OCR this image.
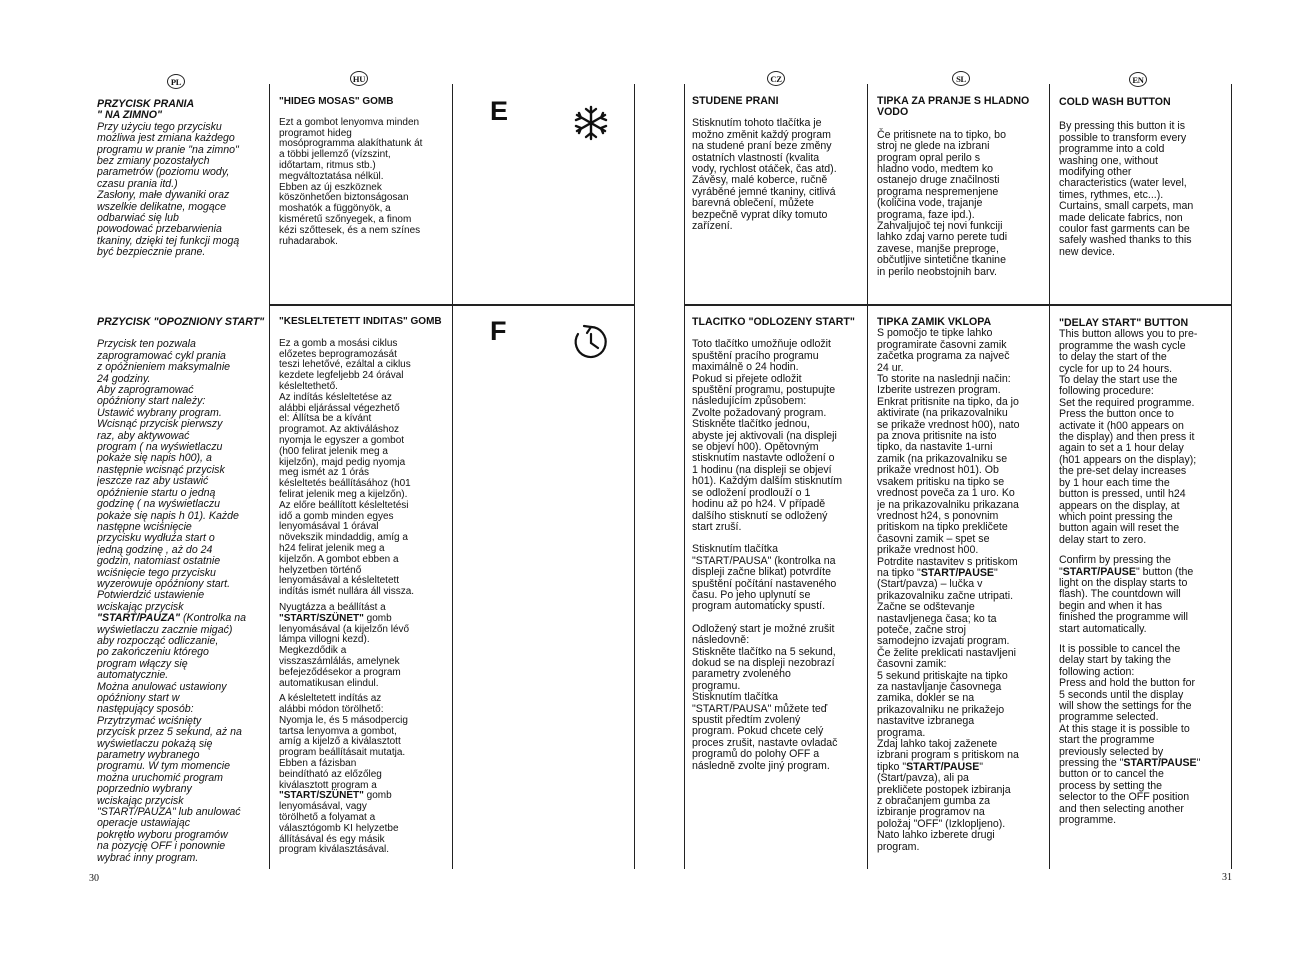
PL	HU	CZ	SL	EN
E
F

PRZYCISK PRANIA
" NA ZIMNO"

Przy użyciu tego przycisku
możliwa jest zmiana każdego
programu w pranie "na zimno"
bez zmiany pozostałych
parametrów (poziomu wody,
czasu prania itd.)
Zasłony, małe dywaniki oraz
wszelkie delikatne, mogące
odbarwiać się lub
powodować przebarwienia
tkaniny, dzięki tej funkcji mogą
być bezpiecznie prane.

"HIDEG MOSÁS" GOMB

Ezt a gombot lenyomva minden
programot hideg
mosóprogramma alakíthatunk át
a többi jellemző (vízszint,
időtartam, ritmus stb.)
megváltoztatása nélkül.
Ebben az új eszköznek
köszönhetően biztonságosan
moshatók a függönyök, a
kisméretű szőnyegek, a finom
kézi szőttesek, és a nem színes
ruhadarabok.

STUDENÉ PRANÍ

Stisknutím tohoto tlačítka je
možno změnit každý program
na studené praní beze změny
ostatních vlastností (kvalita
vody, rychlost otáček, čas atd).
Závěsy, malé koberce, ručně
vyráběné jemné tkaniny, citlivá
barevná oblečení, můžete
bezpečně vyprat díky tomuto
zařízení.

TIPKA ZA PRANJE S HLADNO
VODO

Če pritisnete na to tipko, bo
stroj ne glede na izbrani
program opral perilo s
hladno vodo, medtem ko
ostanejo druge značilnosti
programa nespremenjene
(količina vode, trajanje
programa, faze ipd.).
Zahvaljujoč tej novi funkciji
lahko zdaj varno perete tudi
zavese, manjše preproge,
občutljive sintetične tkanine
in perilo neobstojnih barv.

COLD WASH BUTTON

By pressing this button it is
possible to transform every
programme into a cold
washing one, without
modifying other
characteristics (water level,
times, rythmes, etc...).
Curtains, small carpets, man
made delicate fabrics, non
coulor fast garments can be
safely washed thanks to this
new device.

PRZYCISK "OPÓŹNIONY START"

Przycisk ten pozwala
zaprogramować cykl prania
z opóźnieniem maksymalnie
24 godziny.
Aby zaprogramować
opóźniony start należy:
Ustawić wybrany program.
Wcisnąć przycisk pierwszy
raz, aby aktywować
program ( na wyświetlaczu
pokaże się napis h00), a
następnie wcisnąć przycisk
jeszcze raz aby ustawić
opóźnienie startu o jedną
godzinę ( na wyświetlaczu
pokaże się napis h 01). Każde
następne wciśnięcie
przycisku wydłuża start o
jedną godzinę , aż do 24
godzin, natomiast ostatnie
wciśnięcie tego przycisku
wyzerowuje opóźniony start.
Potwierdzić ustawienie
wciskając przycisk
"START/PAUZA" (Kontrolka na
wyświetlaczu zacznie migać)
aby rozpocząć odliczanie,
po zakończeniu którego
program włączy się
automatycznie.
Można anulować ustawiony
opóźniony start w
następujący sposób:
Przytrzymać wciśnięty
przycisk przez 5 sekund, aż na
wyświetlaczu pokażą się
parametry wybranego
programu. W tym momencie
można uruchomić program
poprzednio wybrany
wciskając przycisk
"START/PAUZA" lub anulować
operacje ustawiając
pokrętło wyboru programów
na pozycję OFF i ponownie
wybrać inny program.

"KÉSLELTETETT INDÍTÁS" GOMB

Ez a gomb a mosási ciklus
előzetes beprogramozását
teszi lehetővé, ezáltal a ciklus
kezdete legfeljebb 24 órával
késleltethető.
Az indítás késleltetése az
alábbi eljárással végezhető
el: Állítsa be a kívánt
programot. Az aktiváláshoz
nyomja le egyszer a gombot
(h00 felirat jelenik meg a
kijelzőn), majd pedig nyomja
meg ismét az 1 órás
késleltetés beállításához (h01
felirat jelenik meg a kijelzőn).
Az előre beállított késleltetési
idő a gomb minden egyes
lenyomásával 1 órával
növekszik mindaddig, amíg a
h24 felirat jelenik meg a
kijelzőn. A gombot ebben a
helyzetben történő
lenyomásával a késleltetett
indítás ismét nullára áll vissza.

Nyugtázza a beállítást a
"START/SZÜNET" gomb
lenyomásával (a kijelzőn lévő
lámpa villogni kezd).
Megkezdődik a
visszaszámlálás, amelynek
befejeződésekor a program
automatikusan elindul.

A késleltetett indítás az
alábbi módon törölhető:
Nyomja le, és 5 másodpercig
tartsa lenyomva a gombot,
amíg a kijelző a kiválasztott
program beállításait mutatja.
Ebben a fázisban
beindítható az előzőleg
kiválasztott program a
"START/SZÜNET" gomb
lenyomásával, vagy
törölhető a folyamat a
választógomb KI helyzetbe
állításával és egy másik
program kiválasztásával.

TLAČÍTKO "ODLOŽENÝ START"

Toto tlačítko umožňuje odložit
spuštění pracího programu
maximálně o 24 hodin.
Pokud si přejete odložit
spuštění programu, postupujte
následujícím způsobem:
Zvolte požadovaný program.
Stiskněte tlačítko jednou,
abyste jej aktivovali (na displeji
se objeví h00). Opětovným
stisknutím nastavte odložení o
1 hodinu (na displeji se objeví
h01). Každým dalším stisknutím
se odložení prodlouží o 1
hodinu až po h24. V případě
dalšího stisknutí se odložený
start zruší.

Stisknutím tlačítka
"START/PAUSA" (kontrolka na
displeji začne blikat) potvrdíte
spuštění počítání nastaveného
času. Po jeho uplynutí se
program automaticky spustí.

Odložený start je možné zrušit
následovně:
Stiskněte tlačítko na 5 sekund,
dokud se na displeji nezobrazí
parametry zvoleného
programu.
Stisknutím tlačítka
"START/PAUSA" můžete teď
spustit předtím zvolený
program. Pokud chcete celý
proces zrušit, nastavte ovladač
programů do polohy OFF a
následně zvolte jiný program.

TIPKA ZAMIK VKLOPA

S pomočjo te tipke lahko
programirate časovni zamik
začetka programa za največ
24 ur.
To storite na naslednji način:
Izberite ustrezen program.
Enkrat pritisnite na tipko, da jo
aktivirate (na prikazovalniku
se prikaže vrednost h00), nato
pa znova pritisnite na isto
tipko, da nastavite 1-urni
zamik (na prikazovalniku se
prikaže vrednost h01). Ob
vsakem pritisku na tipko se
vrednost poveča za 1 uro. Ko
je na prikazovalniku prikazana
vrednost h24, s ponovnim
pritiskom na tipko prekličete
časovni zamik – spet se
prikaže vrednost h00.
Potrdite nastavitev s pritiskom
na tipko "START/PAUSE"
(Start/pavza) – lučka v
prikazovalniku začne utripati.
Začne se odštevanje
nastavljenega časa; ko ta
poteče, začne stroj
samodejno izvajati program.
Če želite preklicati nastavljeni
časovni zamik:
5 sekund pritiskajte na tipko
za nastavljanje časovnega
zamika, dokler se na
prikazovalniku ne prikažejo
nastavitve izbranega
programa.
Zdaj lahko takoj zaženete
izbrani program s pritiskom na
tipko "START/PAUSE"
(Start/pavza), ali pa
prekličete postopek izbiranja
z obračanjem gumba za
izbiranje programov na
položaj "OFF" (Izklopljeno).
Nato lahko izberete drugi
program.

"DELAY START" BUTTON

This button allows you to pre-
programme the wash cycle
to delay the start of the
cycle for up to 24 hours.
To delay the start use the
following procedure:
Set the required programme.
Press the button once to
activate it (h00 appears on
the display) and then press it
again to set a 1 hour delay
(h01 appears on the display);
the pre-set delay increases
by 1 hour each time the
button is pressed, until h24
appears on the display, at
which point pressing the
button again will reset the
delay start to zero.

Confirm by pressing the
"START/PAUSE" button (the
light on the display starts to
flash). The countdown will
begin and when it has
finished the programme will
start automatically.

It is possible to cancel the
delay start by taking the
following action:
Press and hold the button for
5 seconds until the display
will show the settings for the
programme selected.
At this stage it is possible to
start the programme
previously selected by
pressing the "START/PAUSE"
button or to cancel the
process by setting the
selector to the OFF position
and then selecting another
programme.

30	31
